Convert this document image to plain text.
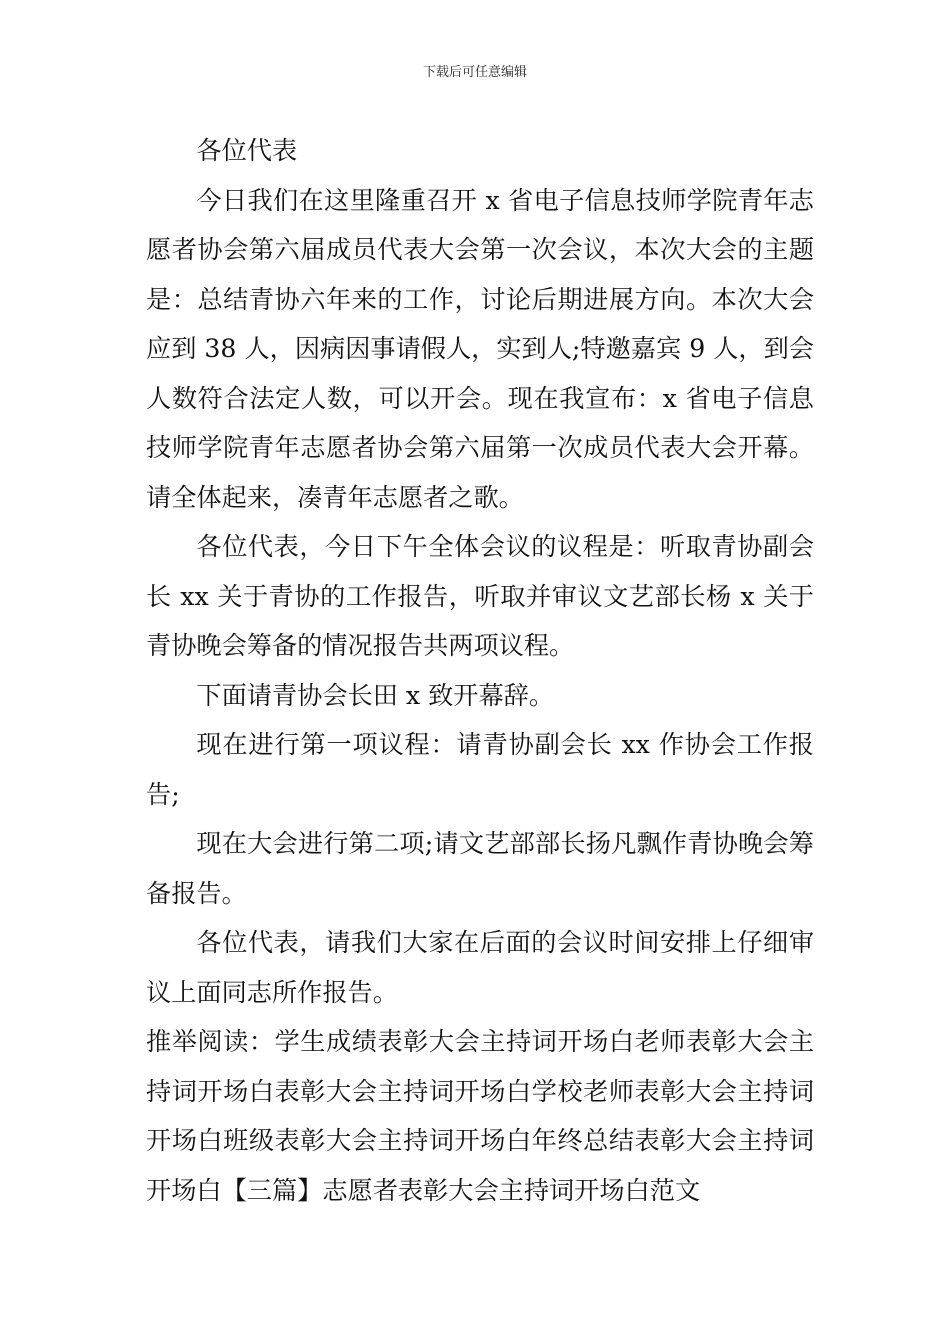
下载后可任意编辑

各位代表

今日我们在这里隆重召开 x 省电子信息技师学院青年志愿者协会第六届成员代表大会第一次会议，本次大会的主题是：总结青协六年来的工作，讨论后期进展方向。本次大会应到 38 人，因病因事请假人，实到人;特邀嘉宾 9 人，到会人数符合法定人数，可以开会。现在我宣布：x 省电子信息技师学院青年志愿者协会第六届第一次成员代表大会开幕。请全体起来，凑青年志愿者之歌。

各位代表，今日下午全体会议的议程是：听取青协副会长 xx 关于青协的工作报告，听取并审议文艺部长杨 x 关于青协晚会筹备的情况报告共两项议程。

下面请青协会长田 x 致开幕辞。

现在进行第一项议程：请青协副会长 xx 作协会工作报告;

现在大会进行第二项;请文艺部部长扬凡飘作青协晚会筹备报告。

各位代表，请我们大家在后面的会议时间安排上仔细审议上面同志所作报告。

推举阅读：学生成绩表彰大会主持词开场白老师表彰大会主持词开场白表彰大会主持词开场白学校老师表彰大会主持词开场白班级表彰大会主持词开场白年终总结表彰大会主持词开场白【三篇】志愿者表彰大会主持词开场白范文
